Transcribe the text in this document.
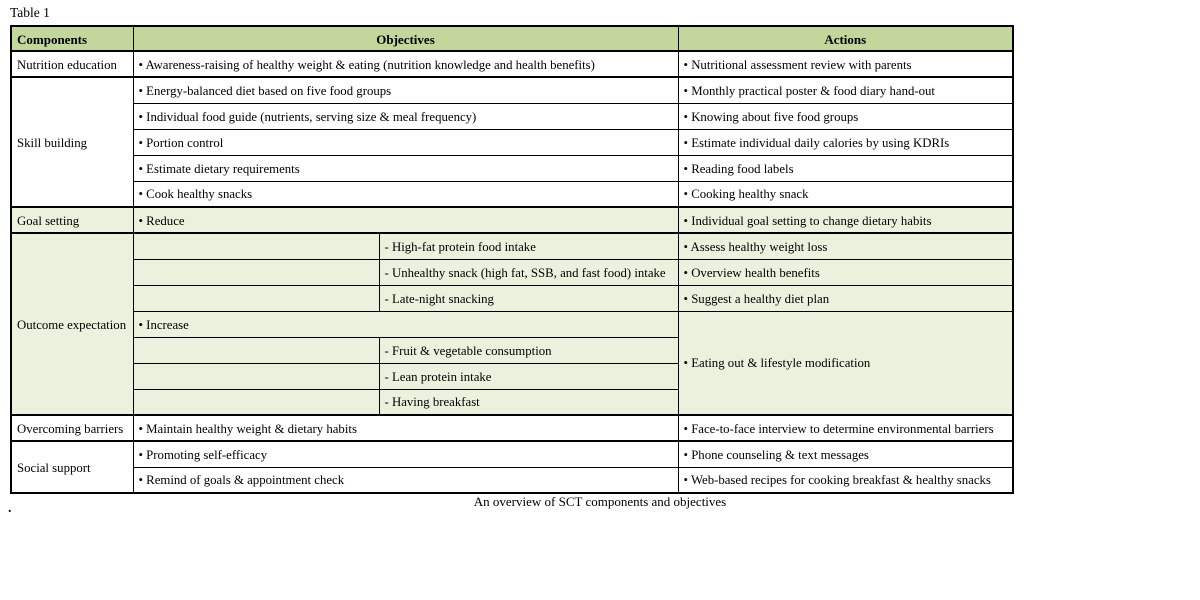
Table 1
Components	Objectives		Actions
Nutrition education	• Awareness-raising of healthy weight & eating (nutrition knowledge and health benefits)		• Nutritional assessment review with parents
Skill building	• Energy-balanced diet based on five food groups		• Monthly practical poster & food diary hand-out
	• Individual food guide (nutrients, serving size & meal frequency)		• Knowing about five food groups
	• Portion control		• Estimate individual daily calories by using KDRIs
	• Estimate dietary requirements		• Reading food labels
	• Cook healthy snacks		• Cooking healthy snack
Goal setting	• Reduce		• Individual goal setting to change dietary habits
Outcome expectation		- High-fat protein food intake	• Assess healthy weight loss
		- Unhealthy snack (high fat, SSB, and fast food) intake	• Overview health benefits
		- Late-night snacking	• Suggest a healthy diet plan
	• Increase		• Eating out & lifestyle modification
		- Fruit & vegetable consumption	
		- Lean protein intake	
		- Having breakfast	
Overcoming barriers	• Maintain healthy weight & dietary habits		• Face-to-face interview to determine environmental barriers
Social support	• Promoting self-efficacy		• Phone counseling & text messages
	• Remind of goals & appointment check		• Web-based recipes for cooking breakfast & healthy snacks
An overview of SCT components and objectives
.
